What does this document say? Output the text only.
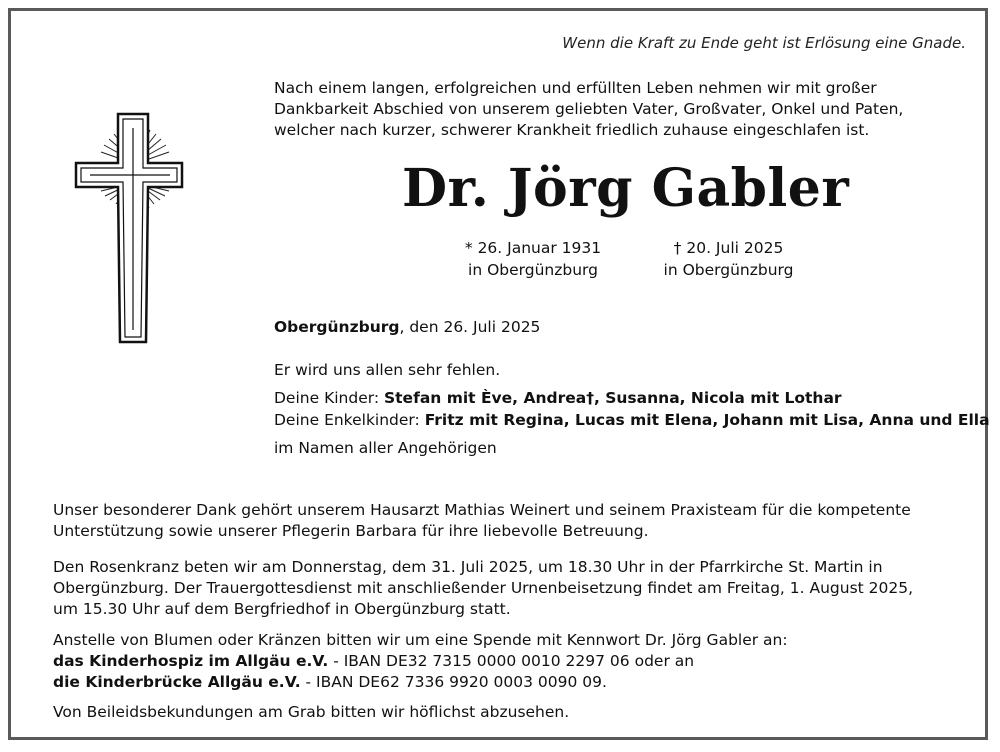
Wenn die Kraft zu Ende geht ist Erlösung eine Gnade.
Nach einem langen, erfolgreichen und erfüllten Leben nehmen wir mit großer
Dankbarkeit Abschied von unserem geliebten Vater, Großvater, Onkel und Paten,
welcher nach kurzer, schwerer Krankheit friedlich zuhause eingeschlafen ist.
Dr. Jörg Gabler
* 26. Januar 1931
in Obergünzburg
† 20. Juli 2025
in Obergünzburg
Obergünzburg, den 26. Juli 2025
Er wird uns allen sehr fehlen.
Deine Kinder: Stefan mit Ève, Andrea†, Susanna, Nicola mit Lothar
Deine Enkelkinder: Fritz mit Regina, Lucas mit Elena, Johann mit Lisa, Anna und Ella
im Namen aller Angehörigen
Unser besonderer Dank gehört unserem Hausarzt Mathias Weinert und seinem Praxisteam für die kompetente
Unterstützung sowie unserer Pflegerin Barbara für ihre liebevolle Betreuung.
Den Rosenkranz beten wir am Donnerstag, dem 31. Juli 2025, um 18.30 Uhr in der Pfarrkirche St. Martin in
Obergünzburg. Der Trauergottesdienst mit anschließender Urnenbeisetzung findet am Freitag, 1. August 2025,
um 15.30 Uhr auf dem Bergfriedhof in Obergünzburg statt.
Anstelle von Blumen oder Kränzen bitten wir um eine Spende mit Kennwort Dr. Jörg Gabler an:
das Kinderhospiz im Allgäu e.V. - IBAN DE32 7315 0000 0010 2297 06 oder an
die Kinderbrücke Allgäu e.V. - IBAN DE62 7336 9920 0003 0090 09.
Von Beileidsbekundungen am Grab bitten wir höflichst abzusehen.
